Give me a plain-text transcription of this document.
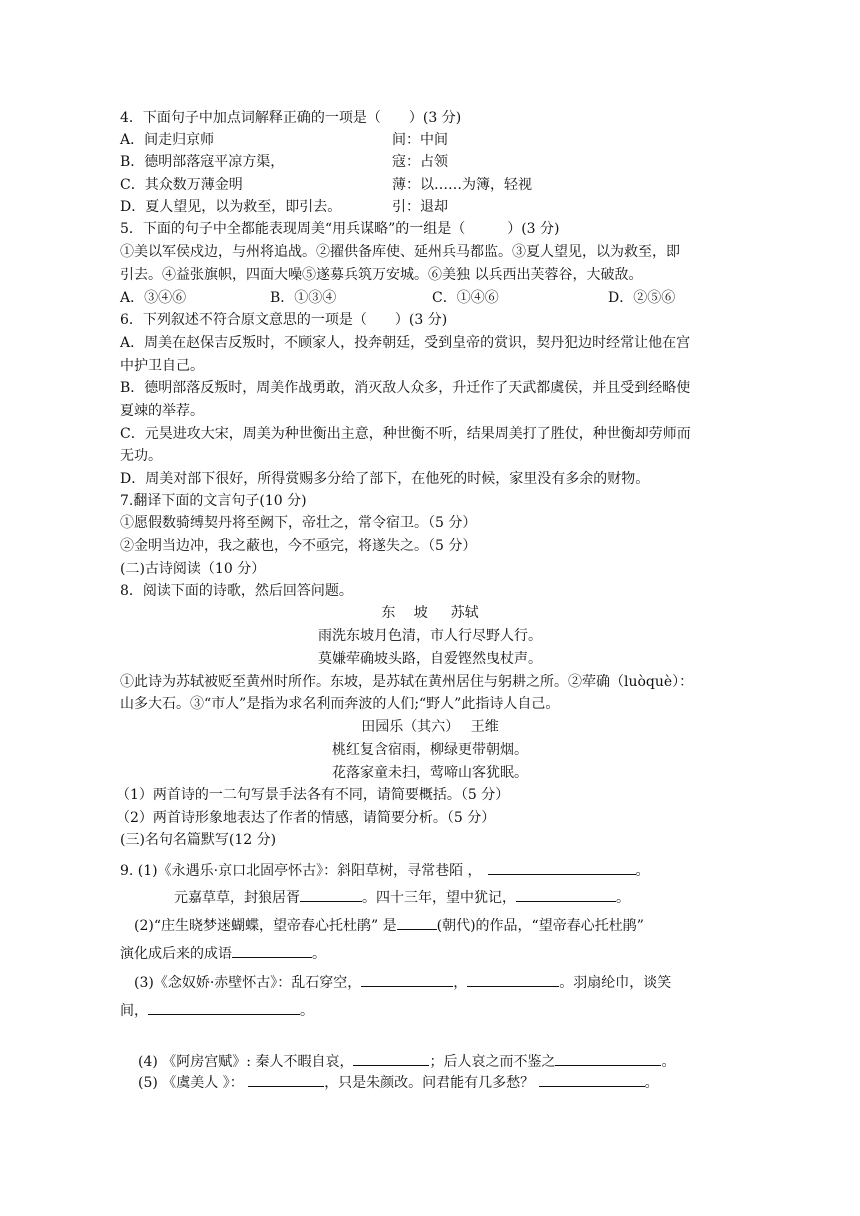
4．下面句子中加点词解释正确的一项是（　　）(3 分)
A．间走归京师	间：中间
B．德明部落寇平凉方渠，	寇：占领
C．其众数万薄金明	薄：以……为簿，轻视
D．夏人望见，以为救至，即引去。	引：退却
5．下面的句子中全都能表现周美“用兵谋略”的一组是（　　　）(3 分)
①美以军侯戍边，与州将追战。②擢供备库使、延州兵马都监。③夏人望见，以为救至，即
引去。④益张旗帜，四面大噪⑤遂募兵筑万安城。⑥美独 以兵西出芙蓉谷，大破敌。
A．③④⑥	B．①③④	C．①④⑥	D．②⑤⑥
6．下列叙述不符合原文意思的一项是（　　）(3 分)
A．周美在赵保吉反叛时，不顾家人，投奔朝廷，受到皇帝的赏识，契丹犯边时经常让他在宫
中护卫自己。
B．德明部落反叛时，周美作战勇敢，消灭敌人众多，升迁作了天武都虞侯，并且受到经略使
夏竦的举荐。
C．元昊进攻大宋，周美为种世衡出主意，种世衡不听，结果周美打了胜仗，种世衡却劳师而
无功。
D．周美对部下很好，所得赏赐多分给了部下，在他死的时候，家里没有多余的财物。
7.翻译下面的文言句子(10 分)
①愿假数骑缚契丹将至阙下，帝壮之，常令宿卫。（5 分）
②金明当边冲，我之蔽也，今不亟完，将遂失之。（5 分）
(二)古诗阅读（10 分）
8．阅读下面的诗歌，然后回答问题。
东　 坡 　 苏轼
雨洗东坡月色清，市人行尽野人行。
莫嫌荦确坡头路，自爱铿然曳杖声。
①此诗为苏轼被贬至黄州时所作。东坡，是苏轼在黄州居住与躬耕之所。②荦确（luòquè）：
山多大石。③“市人”是指为求名利而奔波的人们;“野人”此指诗人自己。
田园乐（其六）　 王维
桃红复含宿雨，柳绿更带朝烟。
花落家童未扫，莺啼山客犹眠。
（1）两首诗的一二句写景手法各有不同，请简要概括。（5 分）
（2）两首诗形象地表达了作者的情感，请简要分析。（5 分）
(三)名句名篇默写(12 分)
9. (1)《永遇乐·京口北固亭怀古》：斜阳草树，寻常巷陌 ，	。
元嘉草草，封狼居胥	。四十三年，望中犹记，	。
(2)“庄生晓梦迷蝴蝶，望帝春心托杜鹃” 是	(朝代)的作品，“望帝春心托杜鹃”
演化成后来的成语	。
(3)《念奴娇·赤壁怀古》：乱石穿空，	，	。羽扇纶巾，谈笑
间，	。
(4) 《阿房宫赋》: 秦人不暇自哀，	；后人哀之而不鉴之	。
(5) 《虞美人 》：	，只是朱颜改。问君能有几多愁？	。
